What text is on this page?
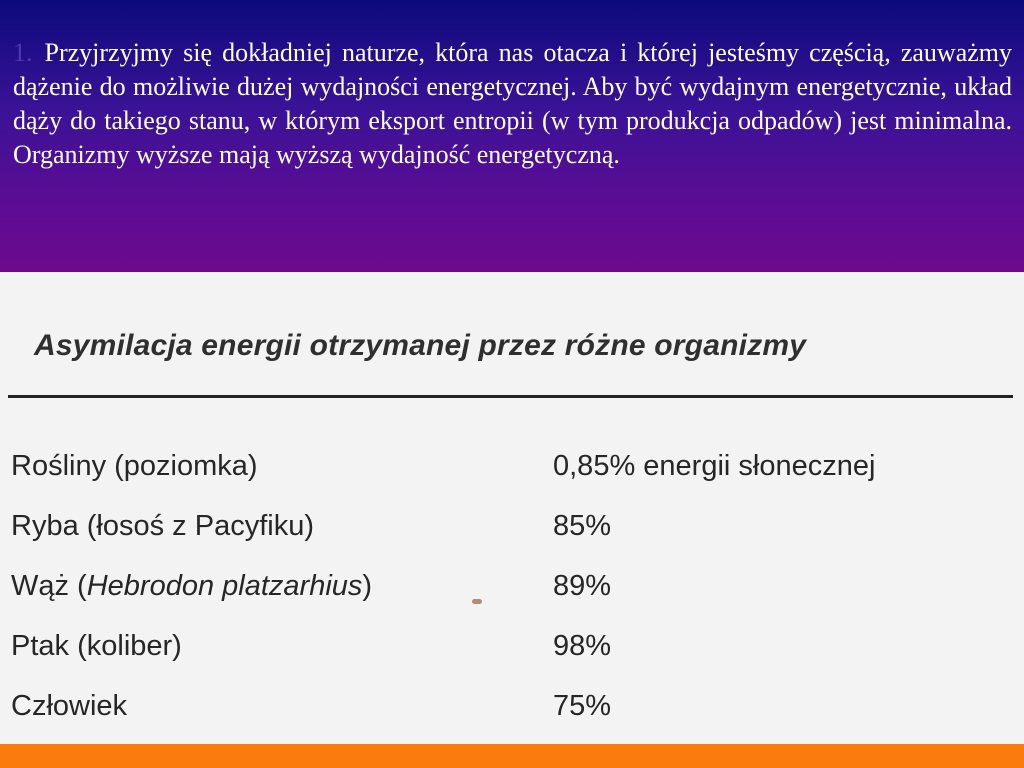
1. Przyjrzyjmy się dokładniej naturze, która nas otacza i której jesteśmy częścią, zauważmy dążenie do możliwie dużej wydajności energetycznej. Aby być wydajnym energetycznie, układ dąży do takiego stanu, w którym eksport entropii (w tym produkcja odpadów) jest minimalna. Organizmy wyższe mają wyższą wydajność energetyczną.
Asymilacja energii otrzymanej przez różne organizmy
Rośliny (poziomka)	0,85% energii słonecznej
Ryba (łosoś z Pacyfiku)	85%
Wąż (Hebrodon platzarhius)	89%
Ptak (koliber)	98%
Człowiek	75%
